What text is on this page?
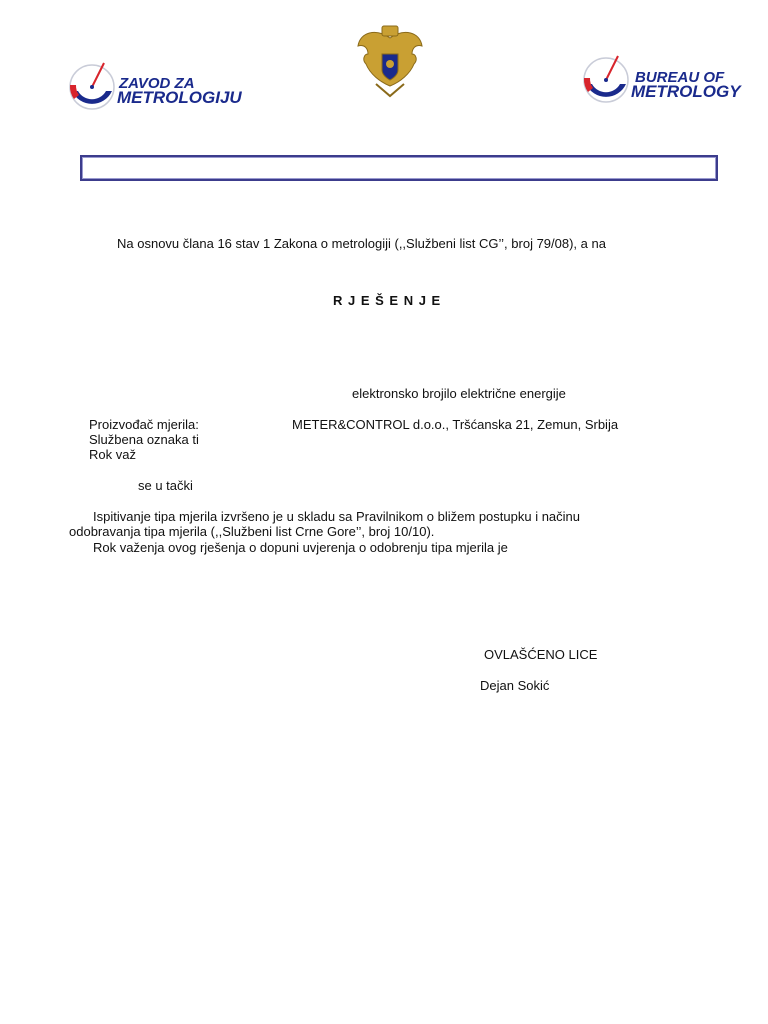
ZAVOD ZA
METROLOGIJU
BUREAU OF
METROLOGY
Na osnovu člana 16 stav 1 Zakona o metrologiji (,,Službeni list CG’’, broj 79/08), a na
R J E Š E N J E
elektronsko brojilo električne energije
Proizvođač mjerila:	METER&CONTROL d.o.o., Tršćanska 21, Zemun, Srbija
Službena oznaka ti
Rok važ
se u tački
Ispitivanje tipa mjerila izvršeno je u skladu sa Pravilnikom o bližem postupku i načinu
odobravanja tipa mjerila (,,Službeni list Crne Gore’’, broj 10/10).
Rok važenja ovog rješenja o dopuni uvjerenja o odobrenju tipa mjerila je
OVLAŠĆENO LICE
Dejan Sokić
